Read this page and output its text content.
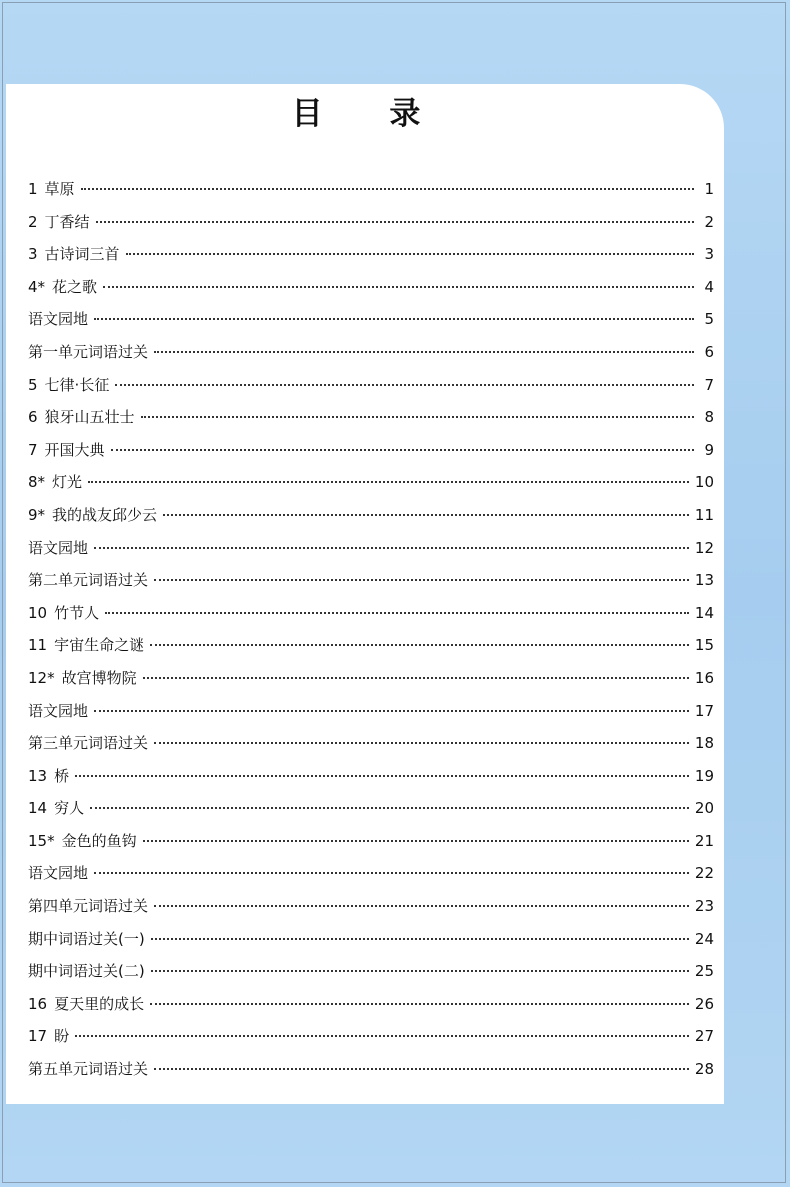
目 录
1 草原	1
2 丁香结	2
3 古诗词三首	3
4* 花之歌	4
语文园地	5
第一单元词语过关	6
5 七律·长征	7
6 狼牙山五壮士	8
7 开国大典	9
8* 灯光	10
9* 我的战友邱少云	11
语文园地	12
第二单元词语过关	13
10 竹节人	14
11 宇宙生命之谜	15
12* 故宫博物院	16
语文园地	17
第三单元词语过关	18
13 桥	19
14 穷人	20
15* 金色的鱼钩	21
语文园地	22
第四单元词语过关	23
期中词语过关(一)	24
期中词语过关(二)	25
16 夏天里的成长	26
17 盼	27
第五单元词语过关	28
